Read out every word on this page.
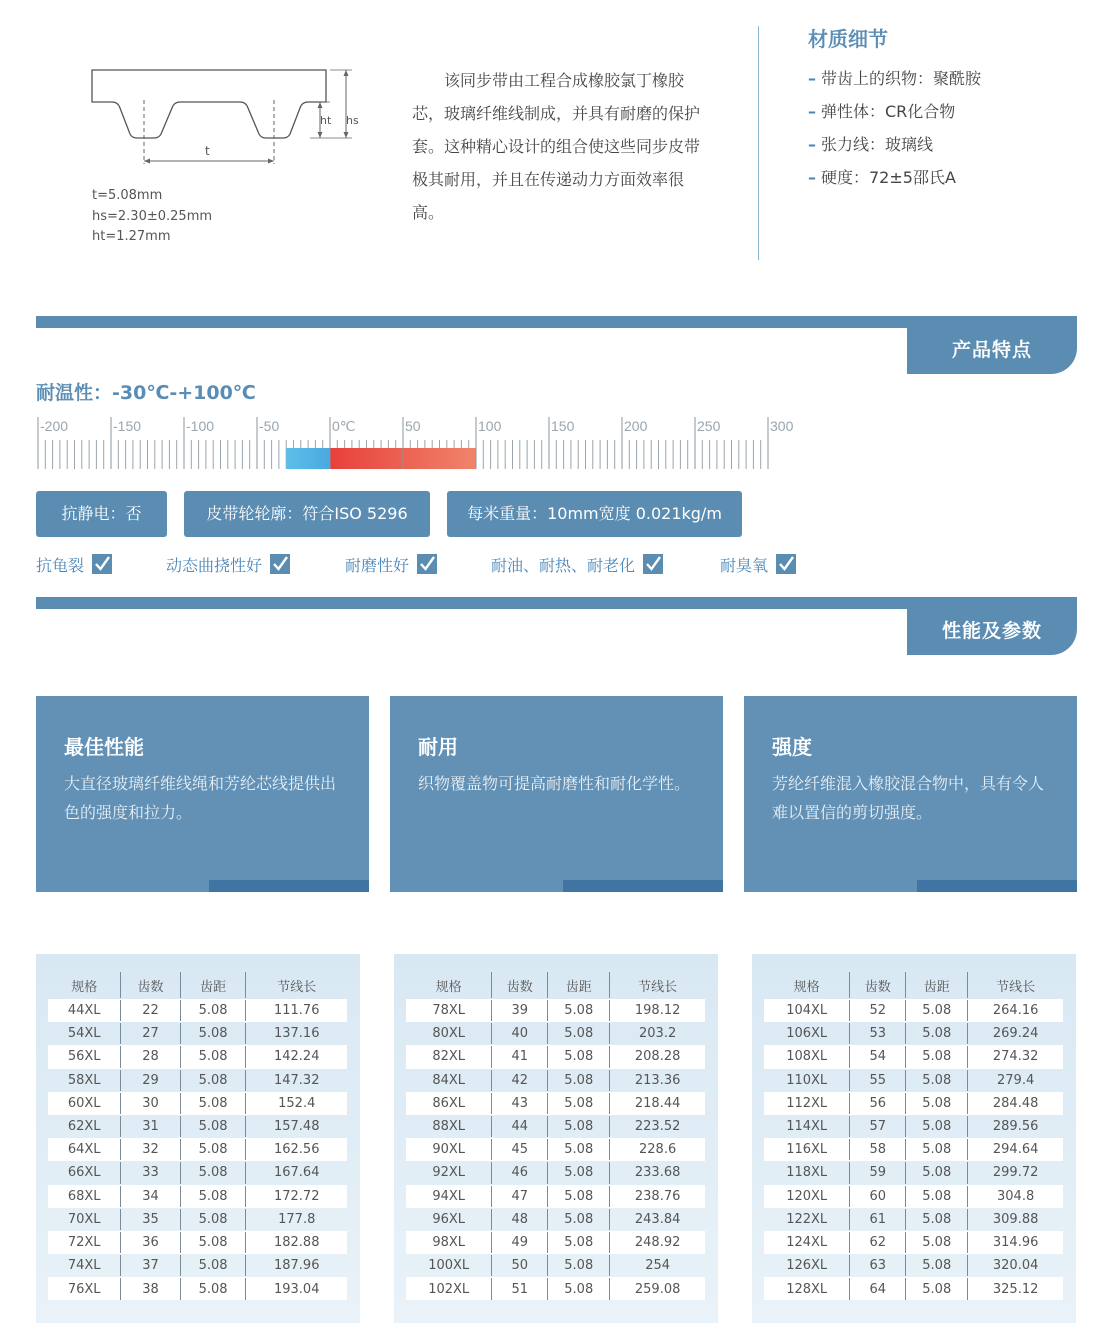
t
ht hs
t=5.08mm
hs=2.30±0.25mm
ht=1.27mm

该同步带由工程合成橡胶氯丁橡胶芯，玻璃纤维线制成，并具有耐磨的保护套。这种精心设计的组合使这些同步皮带极其耐用，并且在传递动力方面效率很高。

材质细节
– 带齿上的织物：聚酰胺
– 弹性体：CR化合物
– 张力线：玻璃线
– 硬度：72±5邵氏A
产品特点
耐温性：-30℃-+100℃
-200	-150	-100	-50	0℃	50	100	150	200	250	300
抗静电：否	皮带轮轮廓：符合ISO 5296	每米重量：10mm宽度 0.021kg/m
抗龟裂	动态曲挠性好	耐磨性好	耐油、耐热、耐老化	耐臭氧
性能及参数
最佳性能
大直径玻璃纤维线绳和芳纶芯线提供出色的强度和拉力。
耐用
织物覆盖物可提高耐磨性和耐化学性。
强度
芳纶纤维混入橡胶混合物中，具有令人难以置信的剪切强度。
规格	齿数	齿距	节线长
44XL	22	5.08	111.76
54XL	27	5.08	137.16
56XL	28	5.08	142.24
58XL	29	5.08	147.32
60XL	30	5.08	152.4
62XL	31	5.08	157.48
64XL	32	5.08	162.56
66XL	33	5.08	167.64
68XL	34	5.08	172.72
70XL	35	5.08	177.8
72XL	36	5.08	182.88
74XL	37	5.08	187.96
76XL	38	5.08	193.04
规格	齿数	齿距	节线长
78XL	39	5.08	198.12
80XL	40	5.08	203.2
82XL	41	5.08	208.28
84XL	42	5.08	213.36
86XL	43	5.08	218.44
88XL	44	5.08	223.52
90XL	45	5.08	228.6
92XL	46	5.08	233.68
94XL	47	5.08	238.76
96XL	48	5.08	243.84
98XL	49	5.08	248.92
100XL	50	5.08	254
102XL	51	5.08	259.08
规格	齿数	齿距	节线长
104XL	52	5.08	264.16
106XL	53	5.08	269.24
108XL	54	5.08	274.32
110XL	55	5.08	279.4
112XL	56	5.08	284.48
114XL	57	5.08	289.56
116XL	58	5.08	294.64
118XL	59	5.08	299.72
120XL	60	5.08	304.8
122XL	61	5.08	309.88
124XL	62	5.08	314.96
126XL	63	5.08	320.04
128XL	64	5.08	325.12
